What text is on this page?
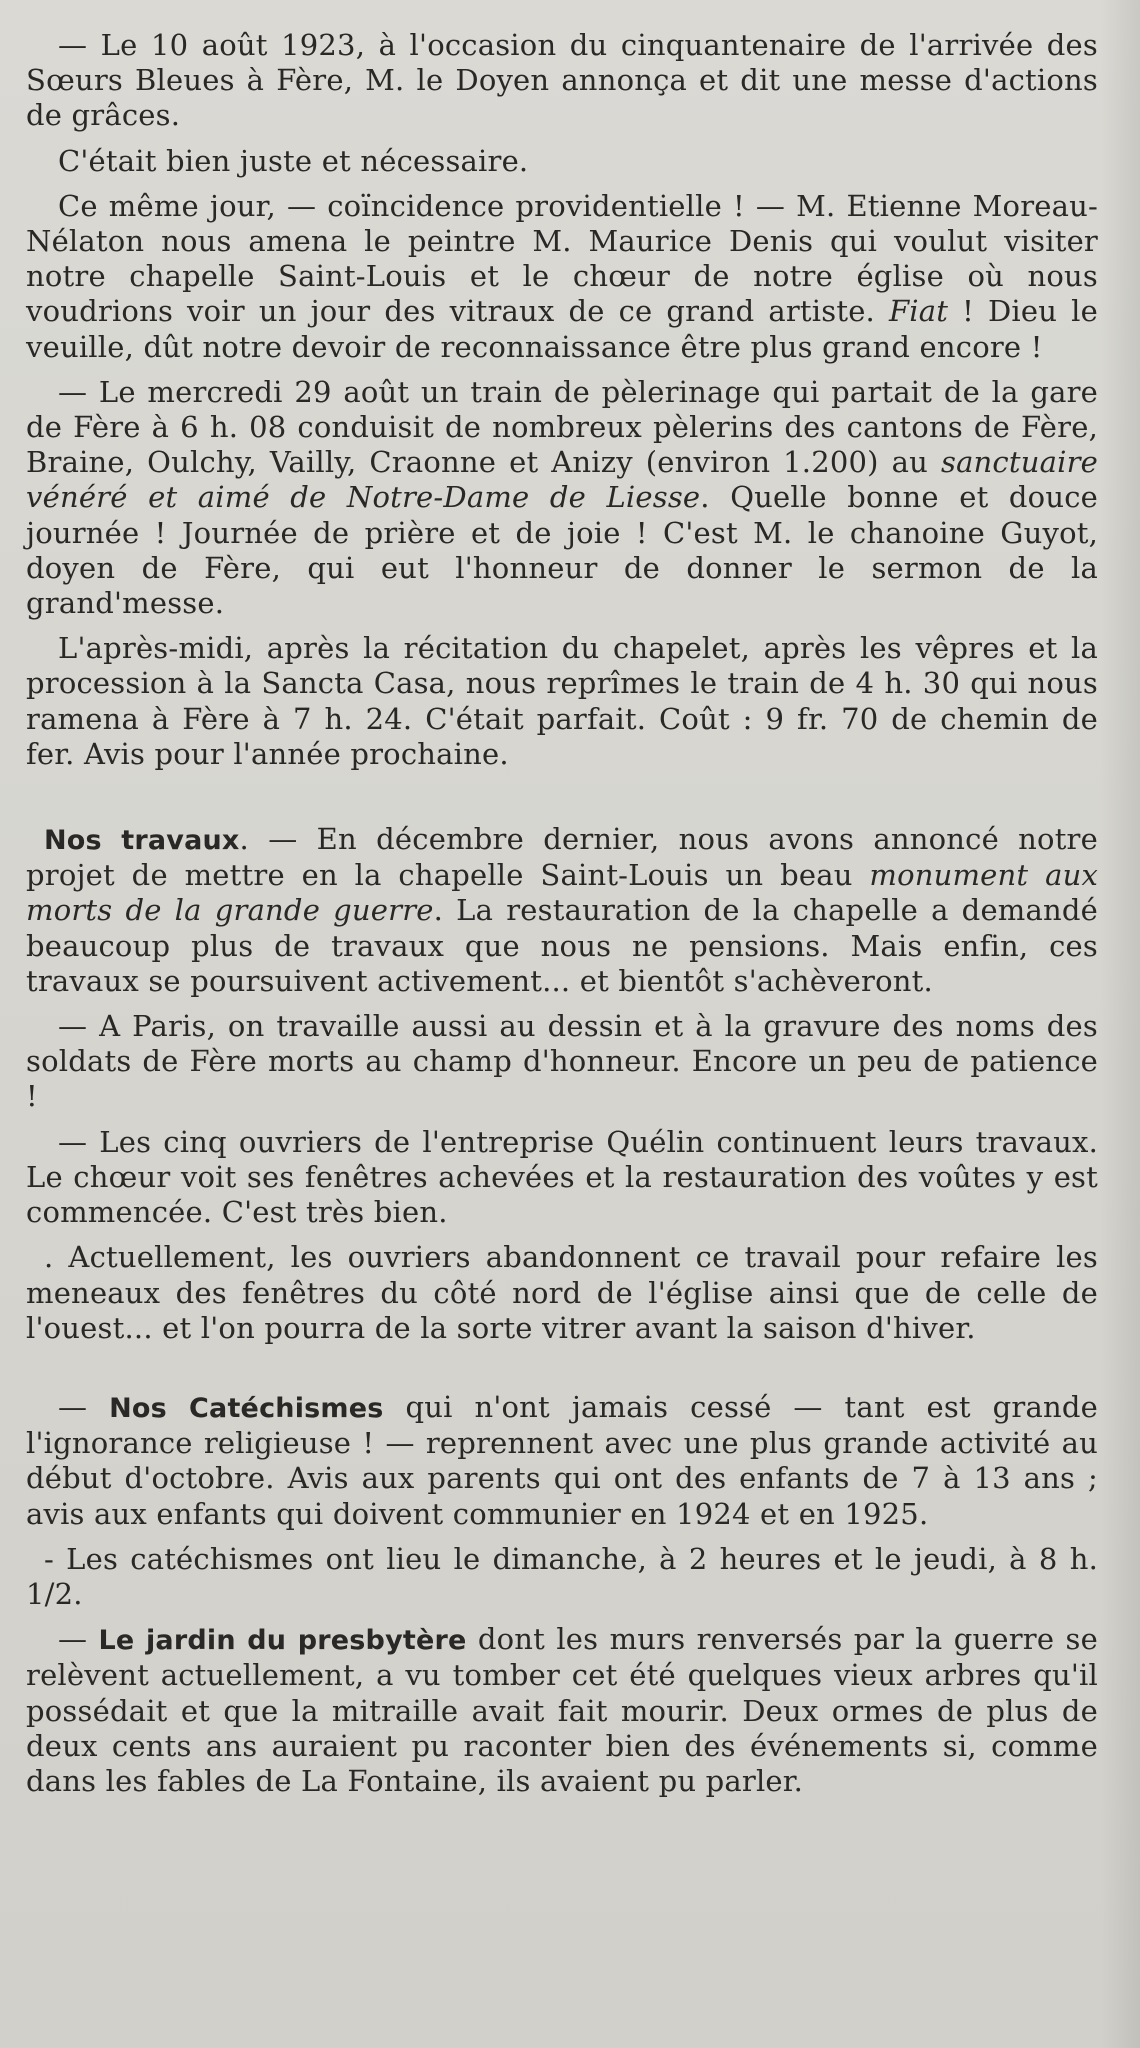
— Le 10 août 1923, à l'occasion du cinquantenaire de l'arrivée des Sœurs Bleues à Fère, M. le Doyen annonça et dit une messe d'actions de grâces.

C'était bien juste et nécessaire.

Ce même jour, — coïncidence providentielle ! — M. Etienne Moreau-Nélaton nous amena le peintre M. Maurice Denis qui voulut visiter notre chapelle Saint-Louis et le chœur de notre église où nous voudrions voir un jour des vitraux de ce grand artiste. Fiat ! Dieu le veuille, dût notre devoir de reconnaissance être plus grand encore !

— Le mercredi 29 août un train de pèlerinage qui partait de la gare de Fère à 6 h. 08 conduisit de nombreux pèlerins des cantons de Fère, Braine, Oulchy, Vailly, Craonne et Anizy (environ 1.200) au sanctuaire vénéré et aimé de Notre-Dame de Liesse. Quelle bonne et douce journée ! Journée de prière et de joie ! C'est M. le chanoine Guyot, doyen de Fère, qui eut l'honneur de donner le sermon de la grand'messe.

L'après-midi, après la récitation du chapelet, après les vêpres et la procession à la Sancta Casa, nous reprîmes le train de 4 h. 30 qui nous ramena à Fère à 7 h. 24. C'était parfait. Coût : 9 fr. 70 de chemin de fer. Avis pour l'année prochaine.

Nos travaux. — En décembre dernier, nous avons annoncé notre projet de mettre en la chapelle Saint-Louis un beau monument aux morts de la grande guerre. La restauration de la chapelle a demandé beaucoup plus de travaux que nous ne pensions. Mais enfin, ces travaux se poursuivent activement... et bientôt s'achèveront.

— A Paris, on travaille aussi au dessin et à la gravure des noms des soldats de Fère morts au champ d'honneur. Encore un peu de patience !

— Les cinq ouvriers de l'entreprise Quélin continuent leurs travaux. Le chœur voit ses fenêtres achevées et la restauration des voûtes y est commencée. C'est très bien.

. Actuellement, les ouvriers abandonnent ce travail pour refaire les meneaux des fenêtres du côté nord de l'église ainsi que de celle de l'ouest... et l'on pourra de la sorte vitrer avant la saison d'hiver.

— Nos Catéchismes qui n'ont jamais cessé — tant est grande l'ignorance religieuse ! — reprennent avec une plus grande activité au début d'octobre. Avis aux parents qui ont des enfants de 7 à 13 ans ; avis aux enfants qui doivent communier en 1924 et en 1925.

- Les catéchismes ont lieu le dimanche, à 2 heures et le jeudi, à 8 h. 1/2.

— Le jardin du presbytère dont les murs renversés par la guerre se relèvent actuellement, a vu tomber cet été quelques vieux arbres qu'il possédait et que la mitraille avait fait mourir. Deux ormes de plus de deux cents ans auraient pu raconter bien des événements si, comme dans les fables de La Fontaine, ils avaient pu parler.
